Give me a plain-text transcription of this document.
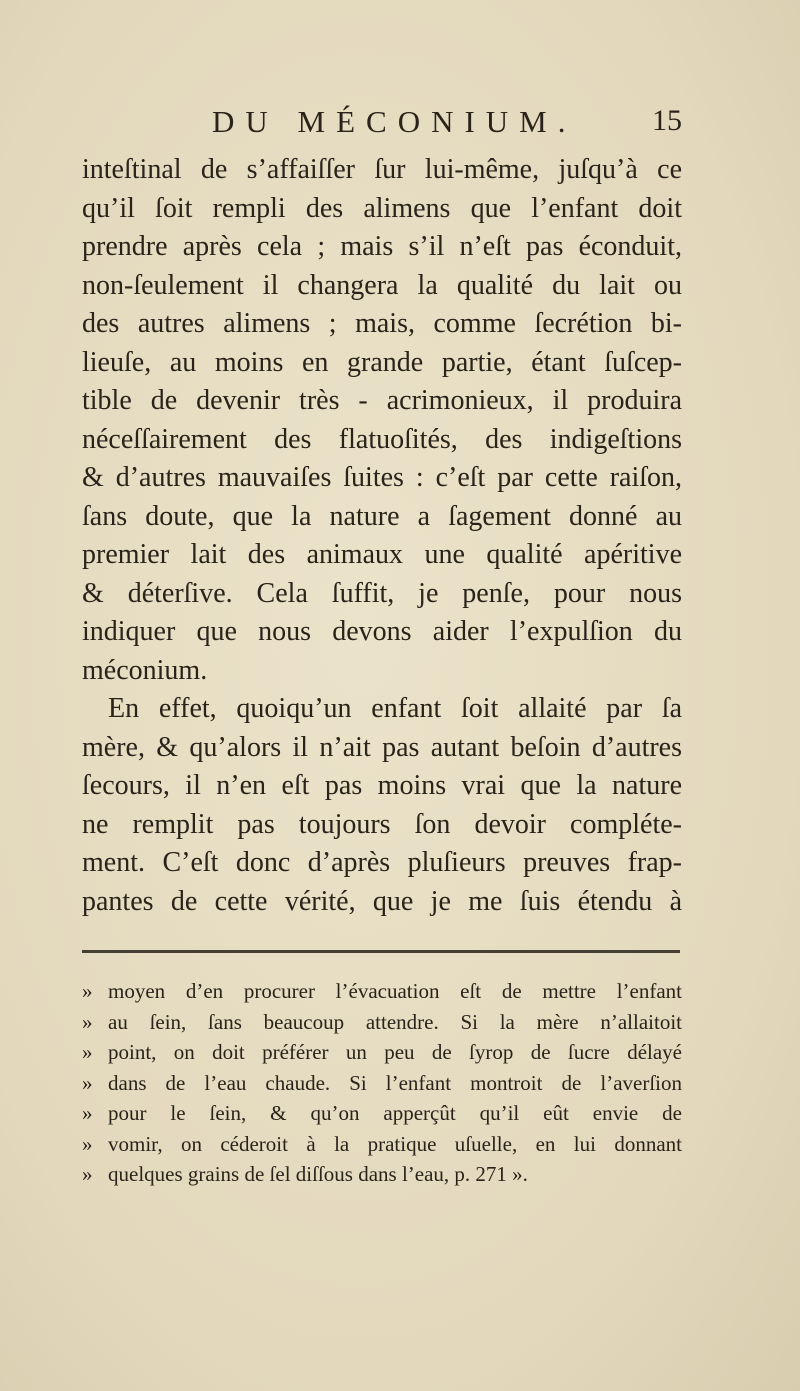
DU MÉCONIUM.	15
inteſtinal de s’affaiſſer ſur lui-même, juſqu’à ce
qu’il ſoit rempli des alimens que l’enfant doit
prendre après cela ; mais s’il n’eſt pas éconduit,
non-ſeulement il changera la qualité du lait ou
des autres alimens ; mais, comme ſecrétion bi-
lieuſe, au moins en grande partie, étant ſuſcep-
tible de devenir très - acrimonieux, il produira
néceſſairement des flatuoſités, des indigeſtions
& d’autres mauvaiſes ſuites : c’eſt par cette raiſon,
ſans doute, que la nature a ſagement donné au
premier lait des animaux une qualité apéritive
& déterſive. Cela ſuffit, je penſe, pour nous
indiquer que nous devons aider l’expulſion du
méconium.
En effet, quoiqu’un enfant ſoit allaité par ſa
mère, & qu’alors il n’ait pas autant beſoin d’autres
ſecours, il n’en eſt pas moins vrai que la nature
ne remplit pas toujours ſon devoir compléte-
ment. C’eſt donc d’après pluſieurs preuves frap-
pantes de cette vérité, que je me ſuis étendu à
» moyen d’en procurer l’évacuation eſt de mettre l’enfant
» au ſein, ſans beaucoup attendre. Si la mère n’allaitoit
» point, on doit préférer un peu de ſyrop de ſucre délayé
» dans de l’eau chaude. Si l’enfant montroit de l’averſion
» pour le ſein, & qu’on apperçût qu’il eût envie de
» vomir, on céderoit à la pratique uſuelle, en lui donnant
» quelques grains de ſel diſſous dans l’eau, p. 271 ».
